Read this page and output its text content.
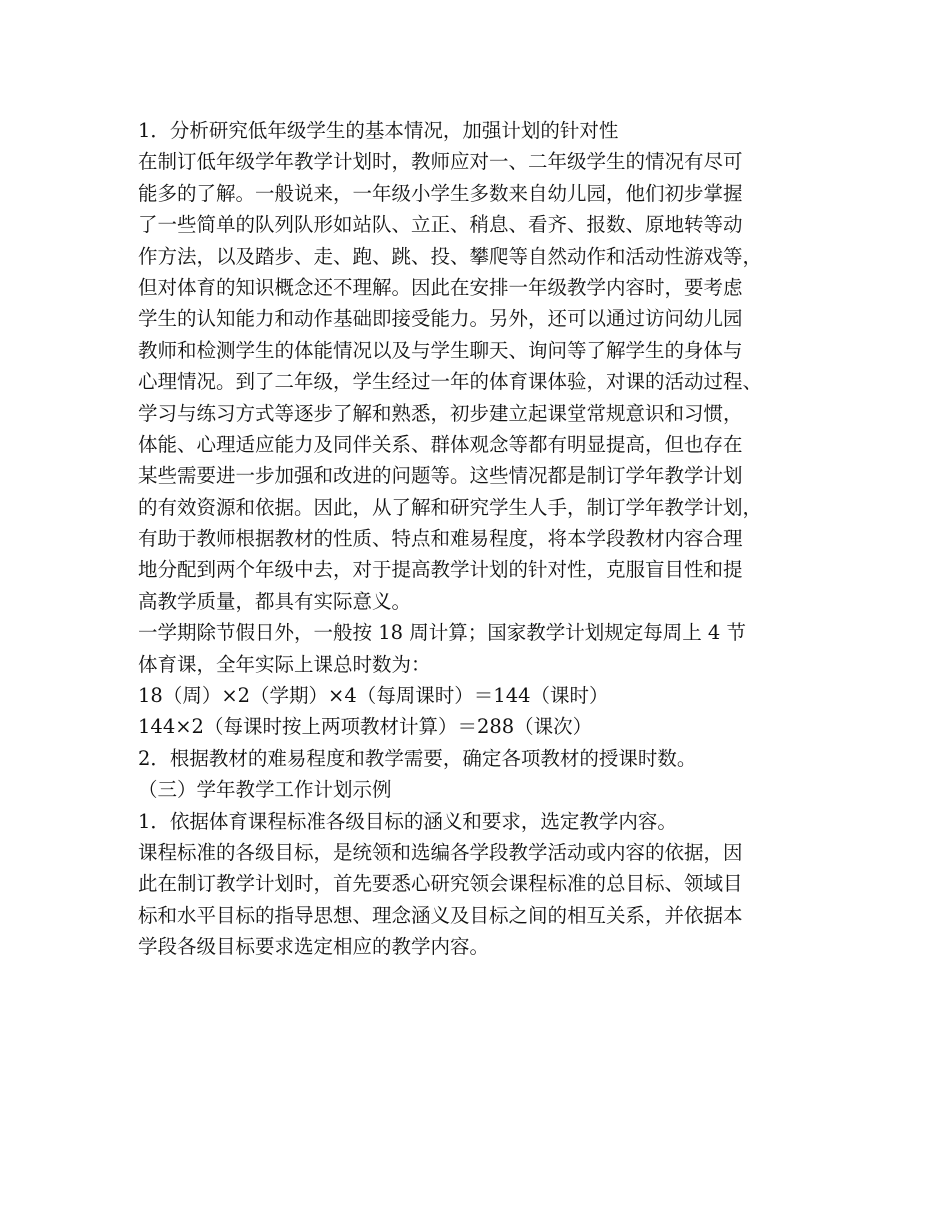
1．分析研究低年级学生的基本情况，加强计划的针对性
在制订低年级学年教学计划时，教师应对一、二年级学生的情况有尽可
能多的了解。一般说来，一年级小学生多数来自幼儿园，他们初步掌握
了一些简单的队列队形如站队、立正、稍息、看齐、报数、原地转等动
作方法，以及踏步、走、跑、跳、投、攀爬等自然动作和活动性游戏等，
但对体育的知识概念还不理解。因此在安排一年级教学内容时，要考虑
学生的认知能力和动作基础即接受能力。另外，还可以通过访问幼儿园
教师和检测学生的体能情况以及与学生聊天、询问等了解学生的身体与
心理情况。到了二年级，学生经过一年的体育课体验，对课的活动过程、
学习与练习方式等逐步了解和熟悉，初步建立起课堂常规意识和习惯，
体能、心理适应能力及同伴关系、群体观念等都有明显提高，但也存在
某些需要进一步加强和改进的问题等。这些情况都是制订学年教学计划
的有效资源和依据。因此，从了解和研究学生人手，制订学年教学计划，
有助于教师根据教材的性质、特点和难易程度，将本学段教材内容合理
地分配到两个年级中去，对于提高教学计划的针对性，克服盲目性和提
高教学质量，都具有实际意义。
一学期除节假日外，一般按 18 周计算；国家教学计划规定每周上 4 节
体育课，全年实际上课总时数为：
18（周）×2（学期）×4（每周课时）＝144（课时）
144×2（每课时按上两项教材计算）＝288（课次）
2．根据教材的难易程度和教学需要，确定各项教材的授课时数。
（三）学年教学工作计划示例
1．依据体育课程标准各级目标的涵义和要求，选定教学内容。
课程标准的各级目标，是统领和选编各学段教学活动或内容的依据，因
此在制订教学计划时，首先要悉心研究领会课程标准的总目标、领域目
标和水平目标的指导思想、理念涵义及目标之间的相互关系，并依据本
学段各级目标要求选定相应的教学内容。
